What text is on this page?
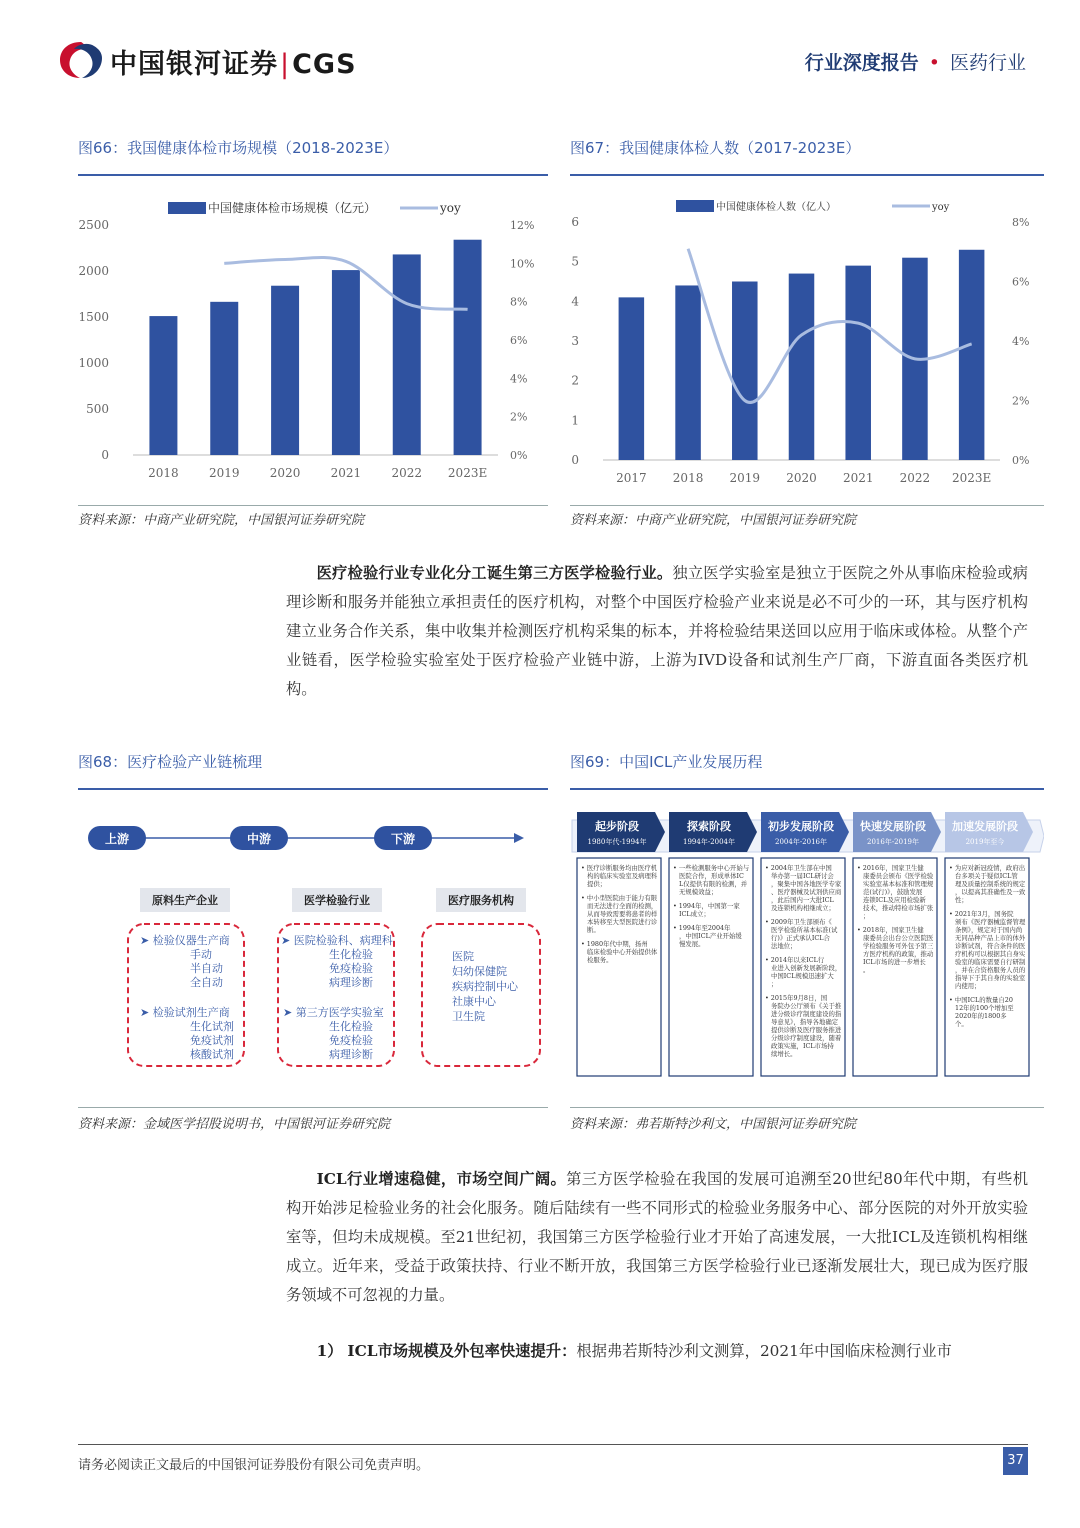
中国银河证券|CGS	行业深度报告 • 医药行业
图66：我国健康体检市场规模（2018-2023E）
中国健康体检市场规模（亿元）	yoy
0
500
1000
1500
2000
2500
0%
2%
4%
6%
8%
10%
12%
2018	2019	2020	2021	2022 2023E
资料来源：中商产业研究院，中国银河证券研究院
图67：我国健康体检人数（2017-2023E）
中国健康体检人数（亿人）	yoy
0
1
2
3
4
5
6
0%
2%
4%
6%
8%
2017 2018 2019 2020 2021 2022 2023E
资料来源：中商产业研究院，中国银河证券研究院

医疗检验行业专业化分工诞生第三方医学检验行业。独立医学实验室是独立于医院之外从事临床检验或病理诊断和服务并能独立承担责任的医疗机构，对整个中国医疗检验产业来说是必不可少的一环，其与医疗机构建立业务合作关系，集中收集并检测医疗机构采集的标本，并将检验结果送回以应用于临床或体检。从整个产业链看，医学检验实验室处于医疗检验产业链中游，上游为IVD设备和试剂生产厂商，下游直面各类医疗机构。

图68：医疗检验产业链梳理
上游	中游	下游
原料生产企业	医学检验行业	医疗服务机构
➤ 检验仪器生产商
手动
半自动
全自动
➤ 检验试剂生产商
生化试剂
免疫试剂
核酸试剂
➤ 医院检验科、病理科
生化检验
免疫检验
病理诊断
➤ 第三方医学实验室
生化检验
免疫检验
病理诊断
医院
妇幼保健院
疾病控制中心
社康中心
卫生院
资料来源：金域医学招股说明书，中国银河证券研究院
图69：中国ICL产业发展历程
起步阶段
1980年代-1994年
• 医疗诊断服务均由医疗机构的临床实验室及病理科提供；
• 中小型医院由于能力有限而无法进行全面的检测，从而导致需要将患者的样本转移至大型医院进行诊断。
• 1980年代中期，扬州临床检验中心开始提供体检服务。
探索阶段
1994年-2004年
• 一些检测服务中心开始与医院合作，形成单体IC L仅提供有限的检测，并无规模效益；
• 1994年，中国第一家 ICL成立；
• 1994年至2004年，中国ICL产业开始缓慢发展。
初步发展阶段
2004年-2016年
• 2004年卫生部在中国举办第一届ICL研讨会，聚集中国各地医学专家、医疗器械及试剂供应商，此后国内一大批ICL 及连锁机构相继成立；
• 2009年卫生部颁布《医学检验所基本标准(试行)》正式承认ICL合法地位；
• 2014年以来ICL行业进入创新发展新阶段，中国ICL规模迅速扩大；
• 2015年9月8日，国务院办公厅颁布《关于推进分级诊疗制度建设的指导意见》，指导各地确定提供诊断及医疗服务推进分级诊疗制度建设，随着政策实施，ICL市场持续增长。
快速发展阶段
2016年-2019年
• 2016年，国家卫生健康委员会颁布《医学检验实验室基本标准和管理规范(试行)》，鼓励发展连锁ICL及应用检验新技术，推动特检市场扩张；
• 2018年，国家卫生健康委员会出台公立医院医学检验服务可外包予第三方医疗机构的政策，推动 ICL市场的进一步增长。
加速发展阶段
2019年至今
• 为应对新冠疫情，政府出台多项关于疑似ICL管理及质量控制系统的规定，以提高其准确性及一致性；
• 2021年3月，国务院颁布《医疗器械监督管理条例》，规定对于国内尚无同品种产品上市的体外诊断试剂，符合条件的医疗机构可以根据其自身实验室的临床需要自行研制，并在合资格服务人员的指导下于其自身的实验室内使用；
• 中国ICL的数量自20 12年的100个增加至 2020年的1800多个。
资料来源：弗若斯特沙利文，中国银河证券研究院

ICL行业增速稳健，市场空间广阔。第三方医学检验在我国的发展可追溯至20世纪80年代中期，有些机构开始涉足检验业务的社会化服务。随后陆续有一些不同形式的检验业务服务中心、部分医院的对外开放实验室等，但均未成规模。至21世纪初，我国第三方医学检验行业才开始了高速发展，一大批ICL及连锁机构相继成立。近年来，受益于政策扶持、行业不断开放，我国第三方医学检验行业已逐渐发展壮大，现已成为医疗服务领域不可忽视的力量。

1） ICL市场规模及外包率快速提升：根据弗若斯特沙利文测算，2021年中国临床检测行业市

请务必阅读正文最后的中国银河证券股份有限公司免责声明。	37
